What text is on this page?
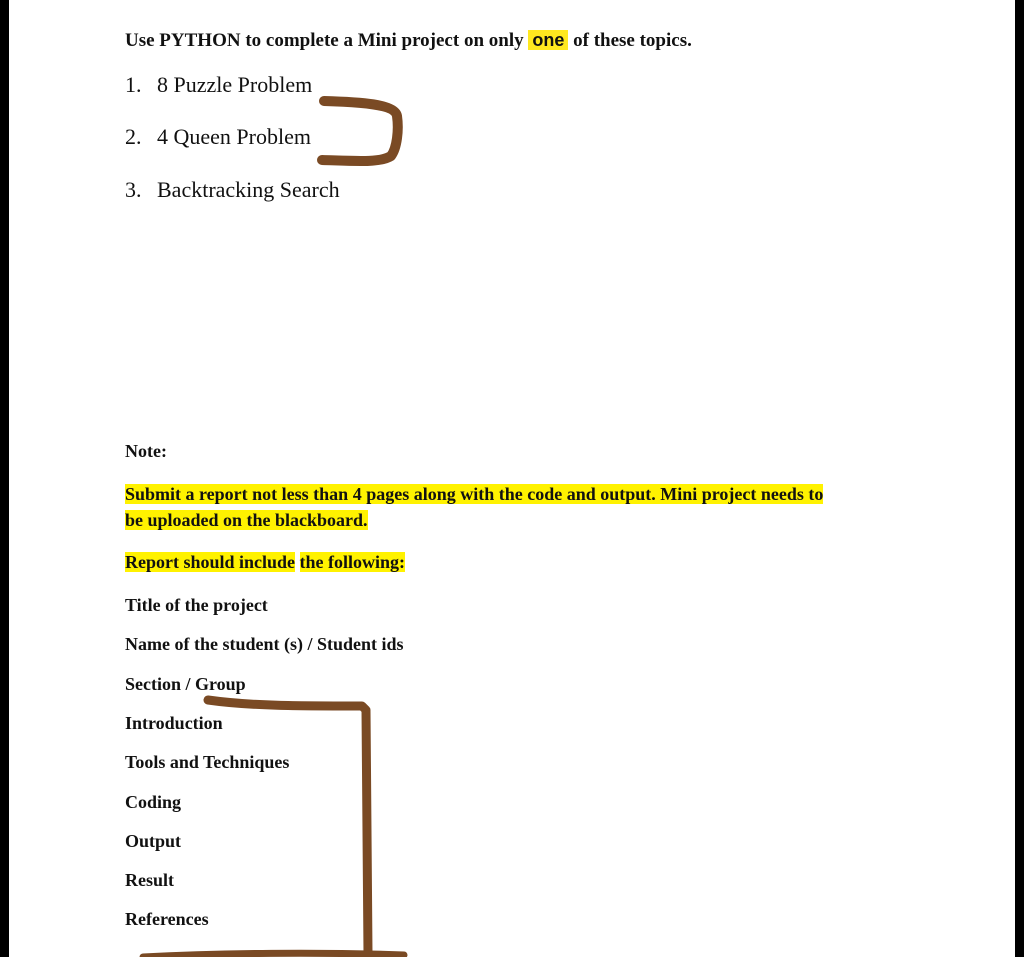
Use PYTHON to complete a Mini project on only one of these topics.
1. 8 Puzzle Problem
2. 4 Queen Problem
3. Backtracking Search
Note:
Submit a report not less than 4 pages along with the code and output. Mini project needs to
be uploaded on the blackboard.
Report should include the following:
Title of the project
Name of the student (s) / Student ids
Section / Group
Introduction
Tools and Techniques
Coding
Output
Result
References
